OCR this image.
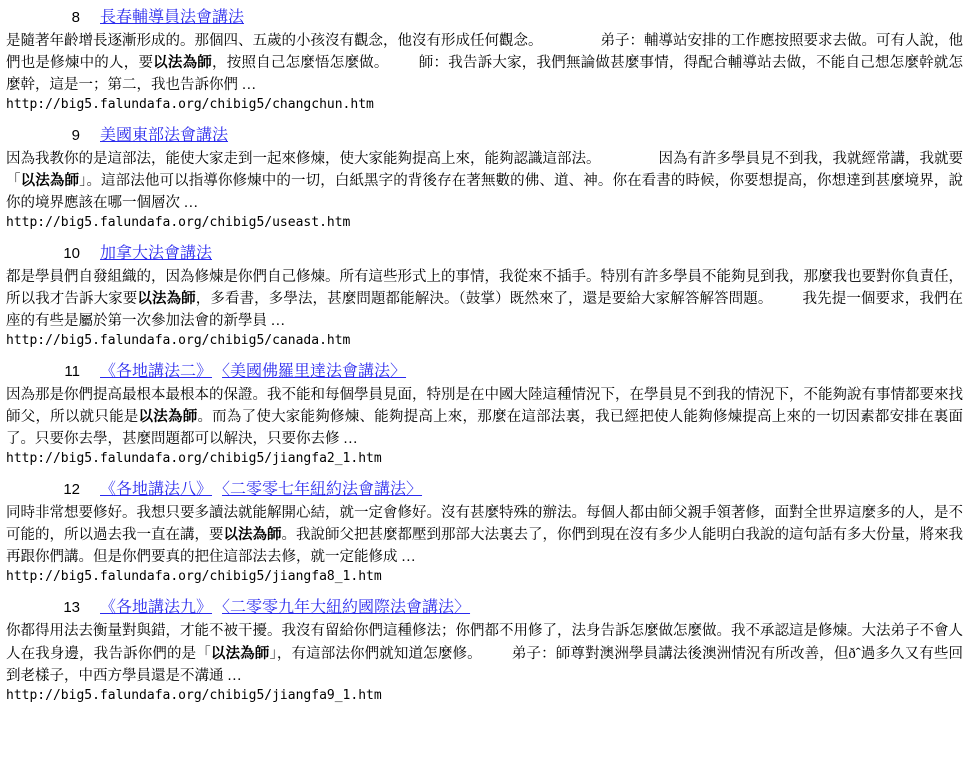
8	長春輔導員法會講法
是隨著年齡增長逐漸形成的。那個四、五歲的小孩沒有觀念，他沒有形成任何觀念。	弟子：輔導站安排的工作應按照要求去做。可有人說，他們也是修煉中的人，要以法為師，按照自己怎麼悟怎麼做。 師：我告訴大家，我們無論做甚麼事情，得配合輔導站去做，不能自己想怎麼幹就怎麼幹，這是一；第二，我也告訴你們 …
http://big5.falundafa.org/chibig5/changchun.htm
9	美國東部法會講法
因為我教你的是這部法，能使大家走到一起來修煉，使大家能夠提高上來，能夠認識這部法。	因為有許多學員見不到我，我就經常講，我就要「以法為師」。這部法他可以指導你修煉中的一切，白紙黑字的背後存在著無數的佛、道、神。你在看書的時候，你要想提高，你想達到甚麼境界，說你的境界應該在哪一個層次 …
http://big5.falundafa.org/chibig5/useast.htm
10	加拿大法會講法
都是學員們自發組織的，因為修煉是你們自己修煉。所有這些形式上的事情，我從來不插手。特別有許多學員不能夠見到我，那麼我也要對你負責任，所以我才告訴大家要以法為師，多看書，多學法，甚麼問題都能解決。（鼓掌）既然來了，還是要給大家解答解答問題。 我先提一個要求，我們在座的有些是屬於第一次參加法會的新學員 …
http://big5.falundafa.org/chibig5/canada.htm
11	《各地講法二》 〈美國佛羅里達法會講法〉
因為那是你們提高最根本最根本的保證。我不能和每個學員見面，特別是在中國大陸這種情況下，在學員見不到我的情況下，不能夠說有事情都要來找師父，所以就只能是以法為師。而為了使大家能夠修煉、能夠提高上來，那麼在這部法裏，我已經把使人能夠修煉提高上來的一切因素都安排在裏面了。只要你去學，甚麼問題都可以解決，只要你去修 …
http://big5.falundafa.org/chibig5/jiangfa2_1.htm
12	《各地講法八》 〈二零零七年紐約法會講法〉
同時非常想要修好。我想只要多讀法就能解開心結，就一定會修好。沒有甚麼特殊的辦法。每個人都由師父親手領著修，面對全世界這麼多的人，是不可能的，所以過去我一直在講，要以法為師。我說師父把甚麼都壓到那部大法裏去了，你們到現在沒有多少人能明白我說的這句話有多大份量，將來我再跟你們講。但是你們要真的把住這部法去修，就一定能修成 …
http://big5.falundafa.org/chibig5/jiangfa8_1.htm
13	《各地講法九》 〈二零零九年大紐約國際法會講法〉
你都得用法去衡量對與錯，才能不被干擾。我沒有留給你們這種修法；你們都不用修了，法身告訴怎麼做怎麼做。我不承認這是修煉。大法弟子不會人人在我身邊，我告訴你們的是「以法為師」，有這部法你們就知道怎麼修。 弟子：師尊對澳洲學員講法後澳洲情況有所改善，但ðˆ過多久又有些回到老樣子，中西方學員還是不溝通 …
http://big5.falundafa.org/chibig5/jiangfa9_1.htm
